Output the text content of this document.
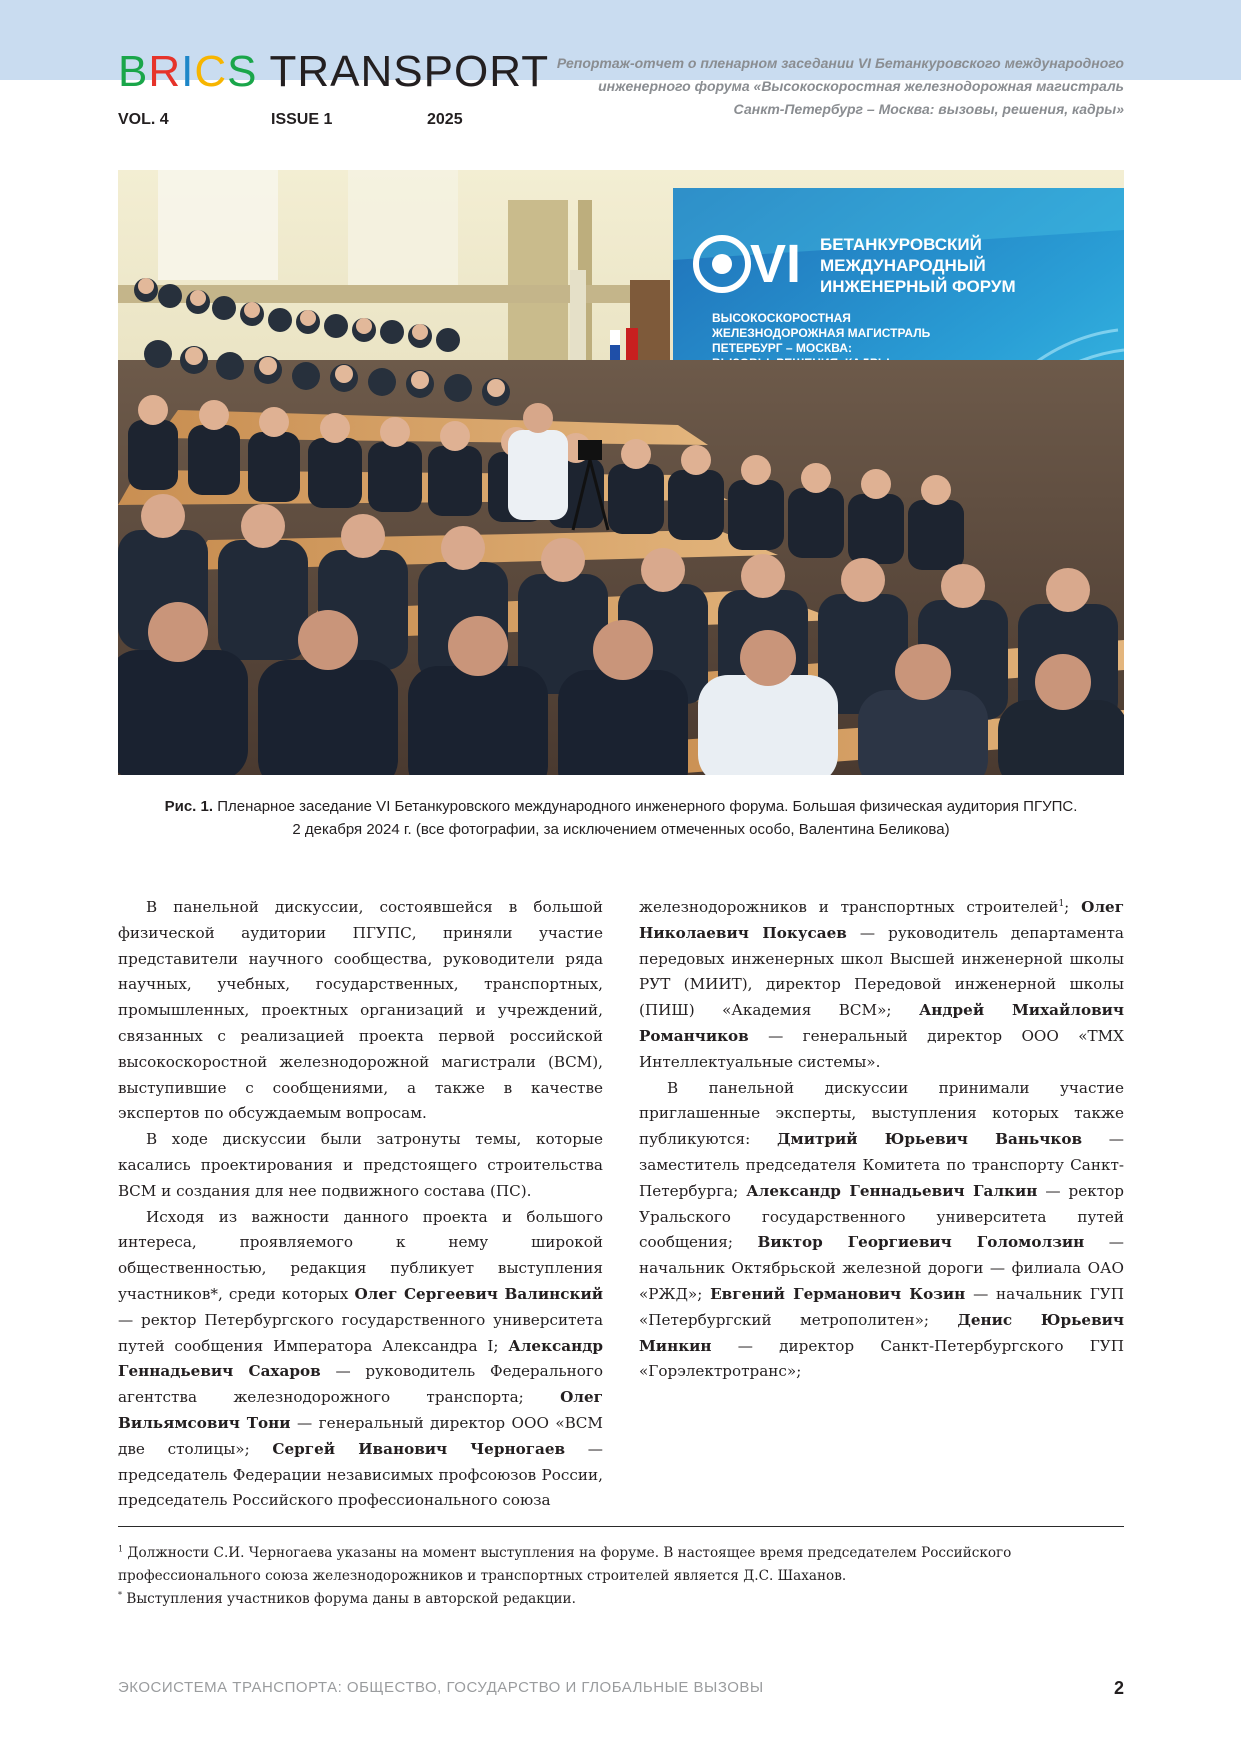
BRICS TRANSPORT
VOL. 4	ISSUE 1	2025
Репортаж-отчет о пленарном заседании VI Бетанкуровского международного
инженерного форума «Высокоскоростная железнодорожная магистраль
Санкт-Петербург – Москва: вызовы, решения, кадры»
VI БЕТАНКУРОВСКИЙ
МЕЖДУНАРОДНЫЙ
ИНЖЕНЕРНЫЙ ФОРУМ
ВЫСОКОСКОРОСТНАЯ
ЖЕЛЕЗНОДОРОЖНАЯ МАГИСТРАЛЬ
ПЕТЕРБУРГ – МОСКВА:
Рис. 1. Пленарное заседание VI Бетанкуровского международного инженерного форума. Большая физическая аудитория ПГУПС.
2 декабря 2024 г. (все фотографии, за исключением отмеченных особо, Валентина Беликова)

В панельной дискуссии, состоявшейся в большой физической аудитории ПГУПС, приняли участие представители научного сообщества, руководители ряда научных, учебных, государственных, транспортных, промышленных, проектных организаций и учреждений, связанных с реализацией проекта первой российской высокоскоростной железнодорожной магистрали (ВСМ), выступившие с сообщениями, а также в качестве экспертов по обсуждаемым вопросам.

В ходе дискуссии были затронуты темы, которые касались проектирования и предстоящего строительства ВСМ и создания для нее подвижного состава (ПС).

Исходя из важности данного проекта и большого интереса, проявляемого к нему широкой общественностью, редакция публикует выступления участников*, среди которых Олег Сергеевич Валинский — ректор Петербургского государственного университета путей сообщения Императора Александра I; Александр Геннадьевич Сахаров — руководитель Федерального агентства железнодорожного транспорта; Олег Вильямсович Тони — генеральный директор ООО «ВСМ две столицы»; Сергей Иванович Черногаев — председатель Федерации независимых профсоюзов России, председатель Российского профессионального союза

железнодорожников и транспортных строителей$^1$; Олег Николаевич Покусаев — руководитель департамента передовых инженерных школ Высшей инженерной школы РУТ (МИИТ), директор Передовой инженерной школы (ПИШ) «Академия ВСМ»; Андрей Михайлович Романчиков — генеральный директор ООО «ТМХ Интеллектуальные системы».

В панельной дискуссии принимали участие приглашенные эксперты, выступления которых также публикуются: Дмитрий Юрьевич Ваньчков — заместитель председателя Комитета по транспорту Санкт-Петербурга; Александр Геннадьевич Галкин — ректор Уральского государственного университета путей сообщения; Виктор Георгиевич Голомолзин — начальник Октябрьской железной дороги — филиала ОАО «РЖД»; Евгений Германович Козин — начальник ГУП «Петербургский метрополитен»; Денис Юрьевич Минкин — директор Санкт-Петербургского ГУП «Горэлектротранс»;

$^1$ Должности С.И. Черногаева указаны на момент выступления на форуме. В настоящее время председателем Российского профессионального союза железнодорожников и транспортных строителей является Д.С. Шаханов.
* Выступления участников форума даны в авторской редакции.
ЭКОСИСТЕМА ТРАНСПОРТА: ОБЩЕСТВО, ГОСУДАРСТВО И ГЛОБАЛЬНЫЕ ВЫЗОВЫ	2
